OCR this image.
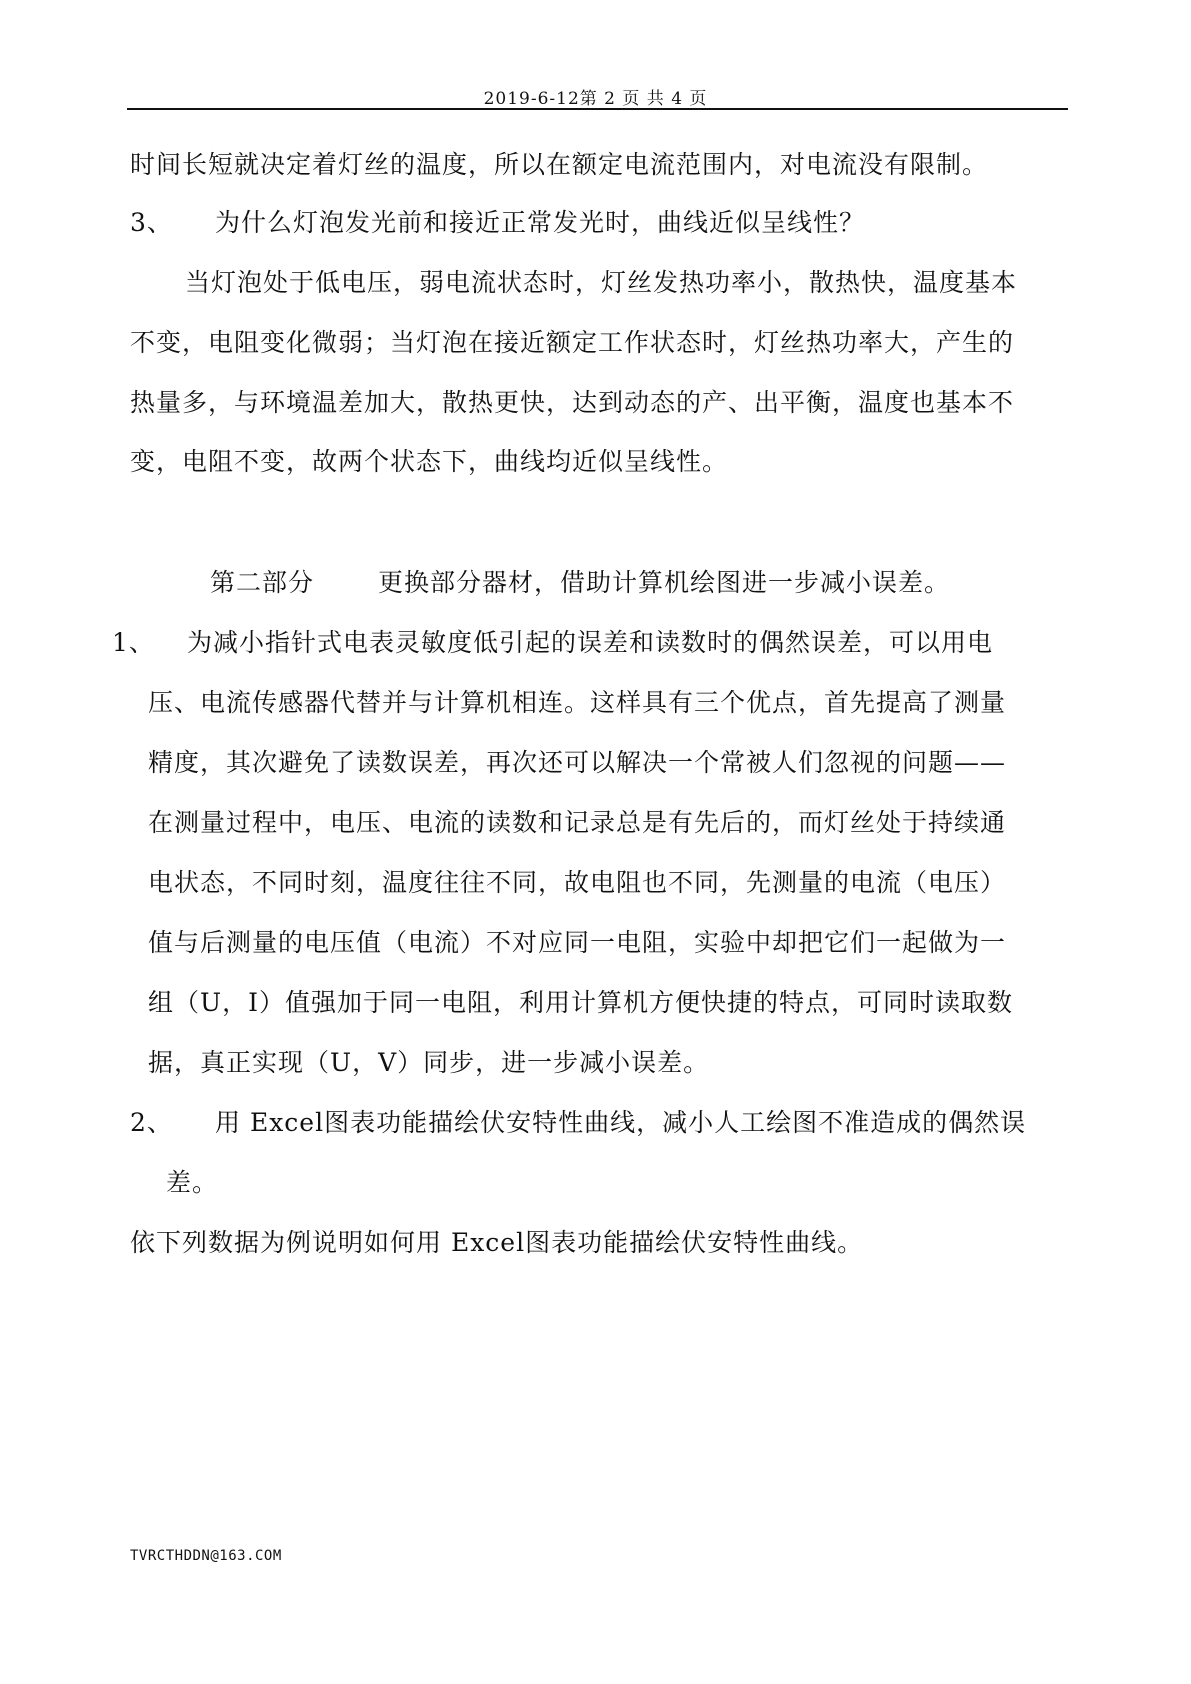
2019-6-12第 2 页 共 4 页
时间长短就决定着灯丝的温度，所以在额定电流范围内，对电流没有限制。
3、 为什么灯泡发光前和接近正常发光时，曲线近似呈线性？
当灯泡处于低电压，弱电流状态时，灯丝发热功率小，散热快，温度基本
不变，电阻变化微弱；当灯泡在接近额定工作状态时，灯丝热功率大，产生的
热量多，与环境温差加大，散热更快，达到动态的产、出平衡，温度也基本不
变，电阻不变，故两个状态下，曲线均近似呈线性。
第二部分	更换部分器材，借助计算机绘图进一步减小误差。
1、 为减小指针式电表灵敏度低引起的误差和读数时的偶然误差，可以用电
压、电流传感器代替并与计算机相连。这样具有三个优点，首先提高了测量
精度，其次避免了读数误差，再次还可以解决一个常被人们忽视的问题——
在测量过程中，电压、电流的读数和记录总是有先后的，而灯丝处于持续通
电状态，不同时刻，温度往往不同，故电阻也不同，先测量的电流（电压）
值与后测量的电压值（电流）不对应同一电阻，实验中却把它们一起做为一
组（U，I）值强加于同一电阻，利用计算机方便快捷的特点，可同时读取数
据，真正实现（U，V）同步，进一步减小误差。
2、 用 Excel图表功能描绘伏安特性曲线，减小人工绘图不准造成的偶然误
差。
依下列数据为例说明如何用 Excel图表功能描绘伏安特性曲线。
TVRCTHDDN@163.COM
